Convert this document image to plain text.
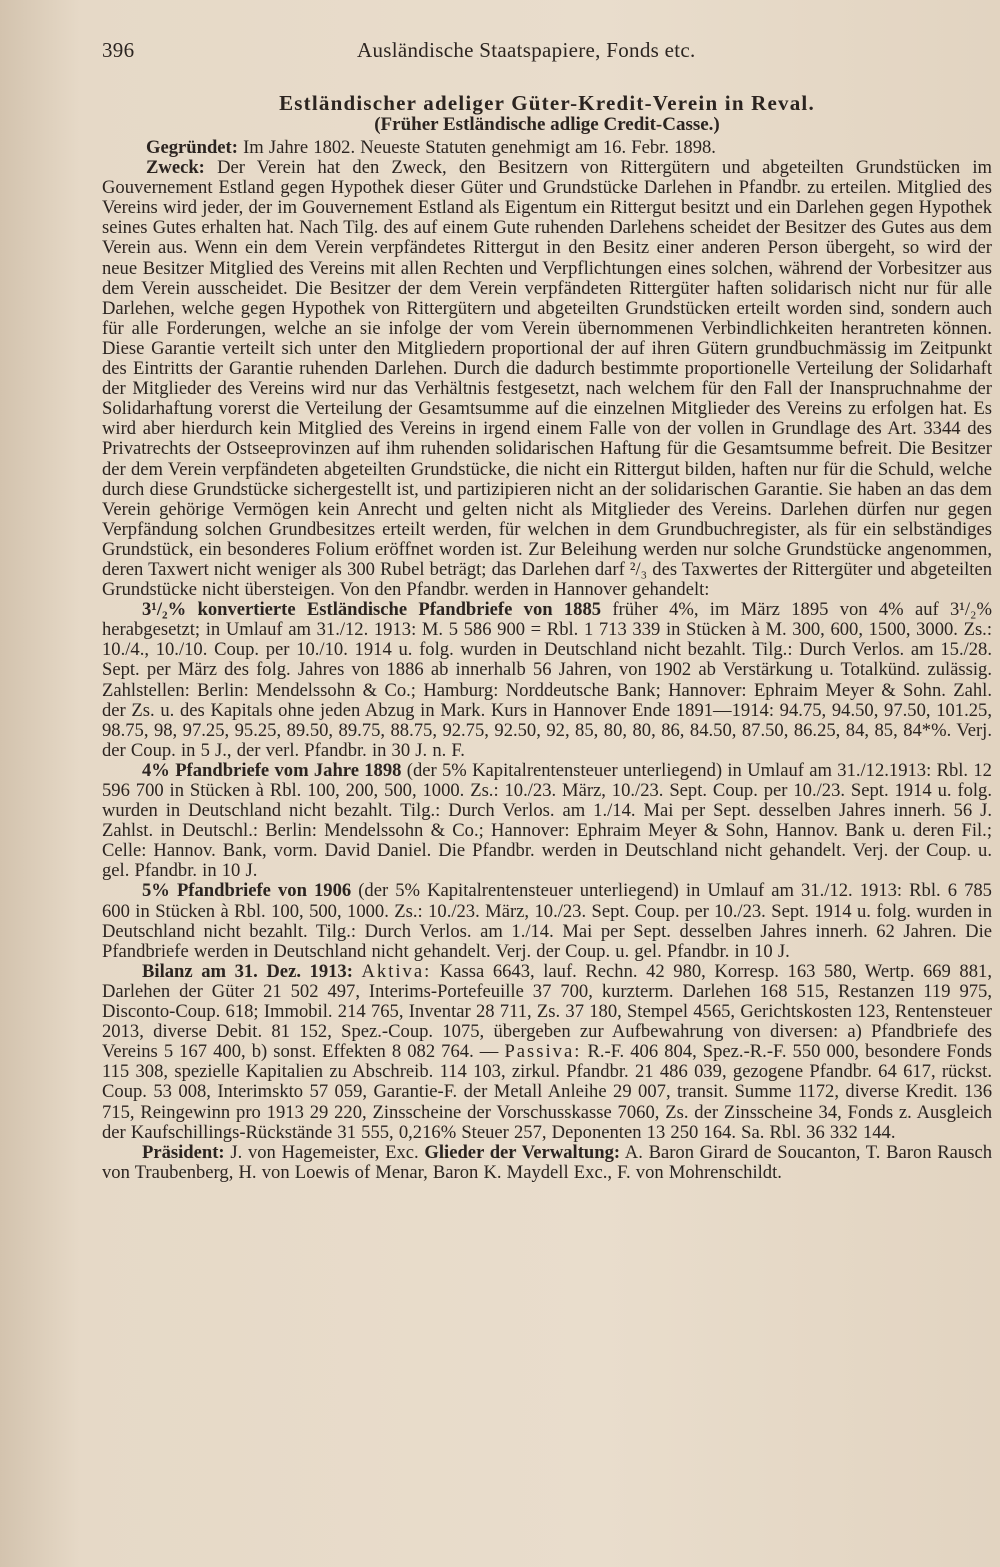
396	Ausländische Staatspapiere, Fonds etc.
Estländischer adeliger Güter-Kredit-Verein in Reval.
(Früher Estländische adlige Credit-Casse.)

Gegründet: Im Jahre 1802. Neueste Statuten genehmigt am 16. Febr. 1898.

Zweck: Der Verein hat den Zweck, den Besitzern von Rittergütern und abgeteilten Grundstücken im Gouvernement Estland gegen Hypothek dieser Güter und Grundstücke Darlehen in Pfandbr. zu erteilen. Mitglied des Vereins wird jeder, der im Gouvernement Estland als Eigentum ein Rittergut besitzt und ein Darlehen gegen Hypothek seines Gutes erhalten hat. Nach Tilg. des auf einem Gute ruhenden Darlehens scheidet der Besitzer des Gutes aus dem Verein aus. Wenn ein dem Verein verpfändetes Rittergut in den Besitz einer anderen Person übergeht, so wird der neue Besitzer Mitglied des Vereins mit allen Rechten und Verpflichtungen eines solchen, während der Vorbesitzer aus dem Verein ausscheidet. Die Besitzer der dem Verein verpfändeten Rittergüter haften solidarisch nicht nur für alle Darlehen, welche gegen Hypothek von Rittergütern und abgeteilten Grundstücken erteilt worden sind, sondern auch für alle Forderungen, welche an sie infolge der vom Verein übernommenen Verbindlichkeiten herantreten können. Diese Garantie verteilt sich unter den Mitgliedern proportional der auf ihren Gütern grundbuchmässig im Zeitpunkt des Eintritts der Garantie ruhenden Darlehen. Durch die dadurch bestimmte proportionelle Verteilung der Solidarhaft der Mitglieder des Vereins wird nur das Verhältnis festgesetzt, nach welchem für den Fall der Inanspruchnahme der Solidarhaftung vorerst die Verteilung der Gesamtsumme auf die einzelnen Mitglieder des Vereins zu erfolgen hat. Es wird aber hierdurch kein Mitglied des Vereins in irgend einem Falle von der vollen in Grundlage des Art. 3344 des Privatrechts der Ostseeprovinzen auf ihm ruhenden solidarischen Haftung für die Gesamtsumme befreit. Die Besitzer der dem Verein verpfändeten abgeteilten Grundstücke, die nicht ein Rittergut bilden, haften nur für die Schuld, welche durch diese Grundstücke sichergestellt ist, und partizipieren nicht an der solidarischen Garantie. Sie haben an das dem Verein gehörige Vermögen kein Anrecht und gelten nicht als Mitglieder des Vereins. Darlehen dürfen nur gegen Verpfändung solchen Grundbesitzes erteilt werden, für welchen in dem Grundbuchregister, als für ein selbständiges Grundstück, ein besonderes Folium eröffnet worden ist. Zur Beleihung werden nur solche Grundstücke angenommen, deren Taxwert nicht weniger als 300 Rubel beträgt; das Darlehen darf ²/₃ des Taxwertes der Rittergüter und abgeteilten Grundstücke nicht übersteigen. Von den Pfandbr. werden in Hannover gehandelt:

3¹/₂% konvertierte Estländische Pfandbriefe von 1885 früher 4%, im März 1895 von 4% auf 3¹/₂% herabgesetzt; in Umlauf am 31./12. 1913: M. 5 586 900 = Rbl. 1 713 339 in Stücken à M. 300, 600, 1500, 3000. Zs.: 10./4., 10./10. Coup. per 10./10. 1914 u. folg. wurden in Deutschland nicht bezahlt. Tilg.: Durch Verlos. am 15./28. Sept. per März des folg. Jahres von 1886 ab innerhalb 56 Jahren, von 1902 ab Verstärkung u. Totalkünd. zulässig. Zahlstellen: Berlin: Mendelssohn & Co.; Hamburg: Norddeutsche Bank; Hannover: Ephraim Meyer & Sohn. Zahl. der Zs. u. des Kapitals ohne jeden Abzug in Mark. Kurs in Hannover Ende 1891—1914: 94.75, 94.50, 97.50, 101.25, 98.75, 98, 97.25, 95.25, 89.50, 89.75, 88.75, 92.75, 92.50, 92, 85, 80, 80, 86, 84.50, 87.50, 86.25, 84, 85, 84*%. Verj. der Coup. in 5 J., der verl. Pfandbr. in 30 J. n. F.

4% Pfandbriefe vom Jahre 1898 (der 5% Kapitalrentensteuer unterliegend) in Umlauf am 31./12.1913: Rbl. 12 596 700 in Stücken à Rbl. 100, 200, 500, 1000. Zs.: 10./23. März, 10./23. Sept. Coup. per 10./23. Sept. 1914 u. folg. wurden in Deutschland nicht bezahlt. Tilg.: Durch Verlos. am 1./14. Mai per Sept. desselben Jahres innerh. 56 J. Zahlst. in Deutschl.: Berlin: Mendelssohn & Co.; Hannover: Ephraim Meyer & Sohn, Hannov. Bank u. deren Fil.; Celle: Hannov. Bank, vorm. David Daniel. Die Pfandbr. werden in Deutschland nicht gehandelt. Verj. der Coup. u. gel. Pfandbr. in 10 J.

5% Pfandbriefe von 1906 (der 5% Kapitalrentensteuer unterliegend) in Umlauf am 31./12. 1913: Rbl. 6 785 600 in Stücken à Rbl. 100, 500, 1000. Zs.: 10./23. März, 10./23. Sept. Coup. per 10./23. Sept. 1914 u. folg. wurden in Deutschland nicht bezahlt. Tilg.: Durch Verlos. am 1./14. Mai per Sept. desselben Jahres innerh. 62 Jahren. Die Pfandbriefe werden in Deutschland nicht gehandelt. Verj. der Coup. u. gel. Pfandbr. in 10 J.

Bilanz am 31. Dez. 1913: Aktiva: Kassa 6643, lauf. Rechn. 42 980, Korresp. 163 580, Wertp. 669 881, Darlehen der Güter 21 502 497, Interims-Portefeuille 37 700, kurzterm. Darlehen 168 515, Restanzen 119 975, Disconto-Coup. 618; Immobil. 214 765, Inventar 28 711, Zs. 37 180, Stempel 4565, Gerichtskosten 123, Rentensteuer 2013, diverse Debit. 81 152, Spez.-Coup. 1075, übergeben zur Aufbewahrung von diversen: a) Pfandbriefe des Vereins 5 167 400, b) sonst. Effekten 8 082 764. — Passiva: R.-F. 406 804, Spez.-R.-F. 550 000, besondere Fonds 115 308, spezielle Kapitalien zu Abschreib. 114 103, zirkul. Pfandbr. 21 486 039, gezogene Pfandbr. 64 617, rückst. Coup. 53 008, Interimskto 57 059, Garantie-F. der Metall Anleihe 29 007, transit. Summe 1172, diverse Kredit. 136 715, Reingewinn pro 1913 29 220, Zinsscheine der Vorschusskasse 7060, Zs. der Zinsscheine 34, Fonds z. Ausgleich der Kaufschillings-Rückstände 31 555, 0,216% Steuer 257, Deponenten 13 250 164. Sa. Rbl. 36 332 144.

Präsident: J. von Hagemeister, Exc. Glieder der Verwaltung: A. Baron Girard de Soucanton, T. Baron Rausch von Traubenberg, H. von Loewis of Menar, Baron K. Maydell Exc., F. von Mohrenschildt.
